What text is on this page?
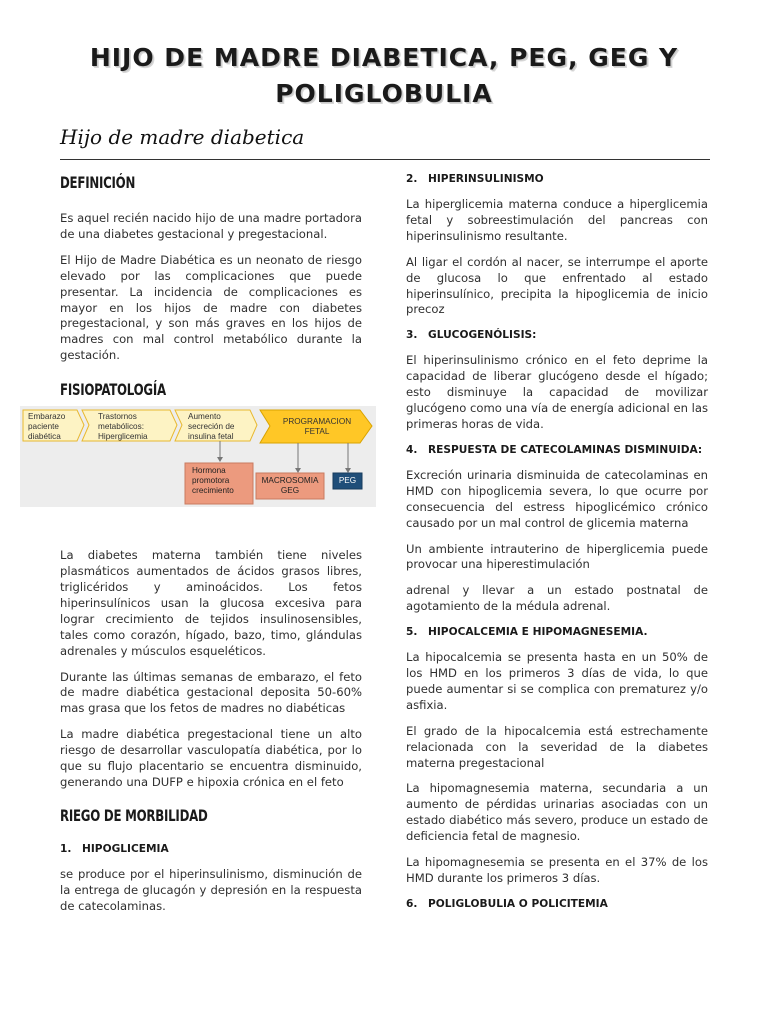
HIJO DE MADRE DIABETICA, PEG, GEG Y
POLIGLOBULIA
Hijo de madre diabetica
DEFINICIÓN

Es aquel recién nacido hijo de una madre portadora de una diabetes gestacional y pregestacional.

El Hijo de Madre Diabética es un neonato de riesgo elevado por las complicaciones que puede presentar. La incidencia de complicaciones es mayor en los hijos de madre con diabetes pregestacional, y son más graves en los hijos de madres con mal control metabólico durante la gestación.

FISIOPATOLOGÍA
Embarazo paciente diabética
Trastornos metabólicos: Hiperglicemia
Aumento secreción de insulina fetal
PROGRAMACION FETAL
Hormona promotora crecimiento
MACROSOMIA GEG
PEG

La diabetes materna también tiene niveles plasmáticos aumentados de ácidos grasos libres, triglicéridos y aminoácidos. Los fetos hiperinsulínicos usan la glucosa excesiva para lograr crecimiento de tejidos insulinosensibles, tales como corazón, hígado, bazo, timo, glándulas adrenales y músculos esqueléticos.

Durante las últimas semanas de embarazo, el feto de madre diabética gestacional deposita 50-60% mas grasa que los fetos de madres no diabéticas

La madre diabética pregestacional tiene un alto riesgo de desarrollar vasculopatía diabética, por lo que su flujo placentario se encuentra disminuido, generando una DUFP e hipoxia crónica en el feto

RIEGO DE MORBILIDAD
1. HIPOGLICEMIA

se produce por el hiperinsulinismo, disminución de la entrega de glucagón y depresión en la respuesta de catecolaminas.

2. HIPERINSULINISMO

La hiperglicemia materna conduce a hiperglicemia fetal y sobreestimulación del pancreas con hiperinsulinismo resultante.

Al ligar el cordón al nacer, se interrumpe el aporte de glucosa lo que enfrentado al estado hiperinsulínico, precipita la hipoglicemia de inicio precoz

3. GLUCOGENÓLISIS:

El hiperinsulinismo crónico en el feto deprime la capacidad de liberar glucógeno desde el hígado; esto disminuye la capacidad de movilizar glucógeno como una vía de energía adicional en las primeras horas de vida.

4. RESPUESTA DE CATECOLAMINAS DISMINUIDA:

Excreción urinaria disminuida de catecolaminas en HMD con hipoglicemia severa, lo que ocurre por consecuencia del estress hipoglicémico crónico causado por un mal control de glicemia materna

Un ambiente intrauterino de hiperglicemia puede provocar una hiperestimulación

adrenal y llevar a un estado postnatal de agotamiento de la médula adrenal.

5. HIPOCALCEMIA E HIPOMAGNESEMIA.

La hipocalcemia se presenta hasta en un 50% de los HMD en los primeros 3 días de vida, lo que puede aumentar si se complica con prematurez y/o asfixia.

El grado de la hipocalcemia está estrechamente relacionada con la severidad de la diabetes materna pregestacional

La hipomagnesemia materna, secundaria a un aumento de pérdidas urinarias asociadas con un estado diabético más severo, produce un estado de deficiencia fetal de magnesio.

La hipomagnesemia se presenta en el 37% de los HMD durante los primeros 3 días.

6. POLIGLOBULIA O POLICITEMIA
